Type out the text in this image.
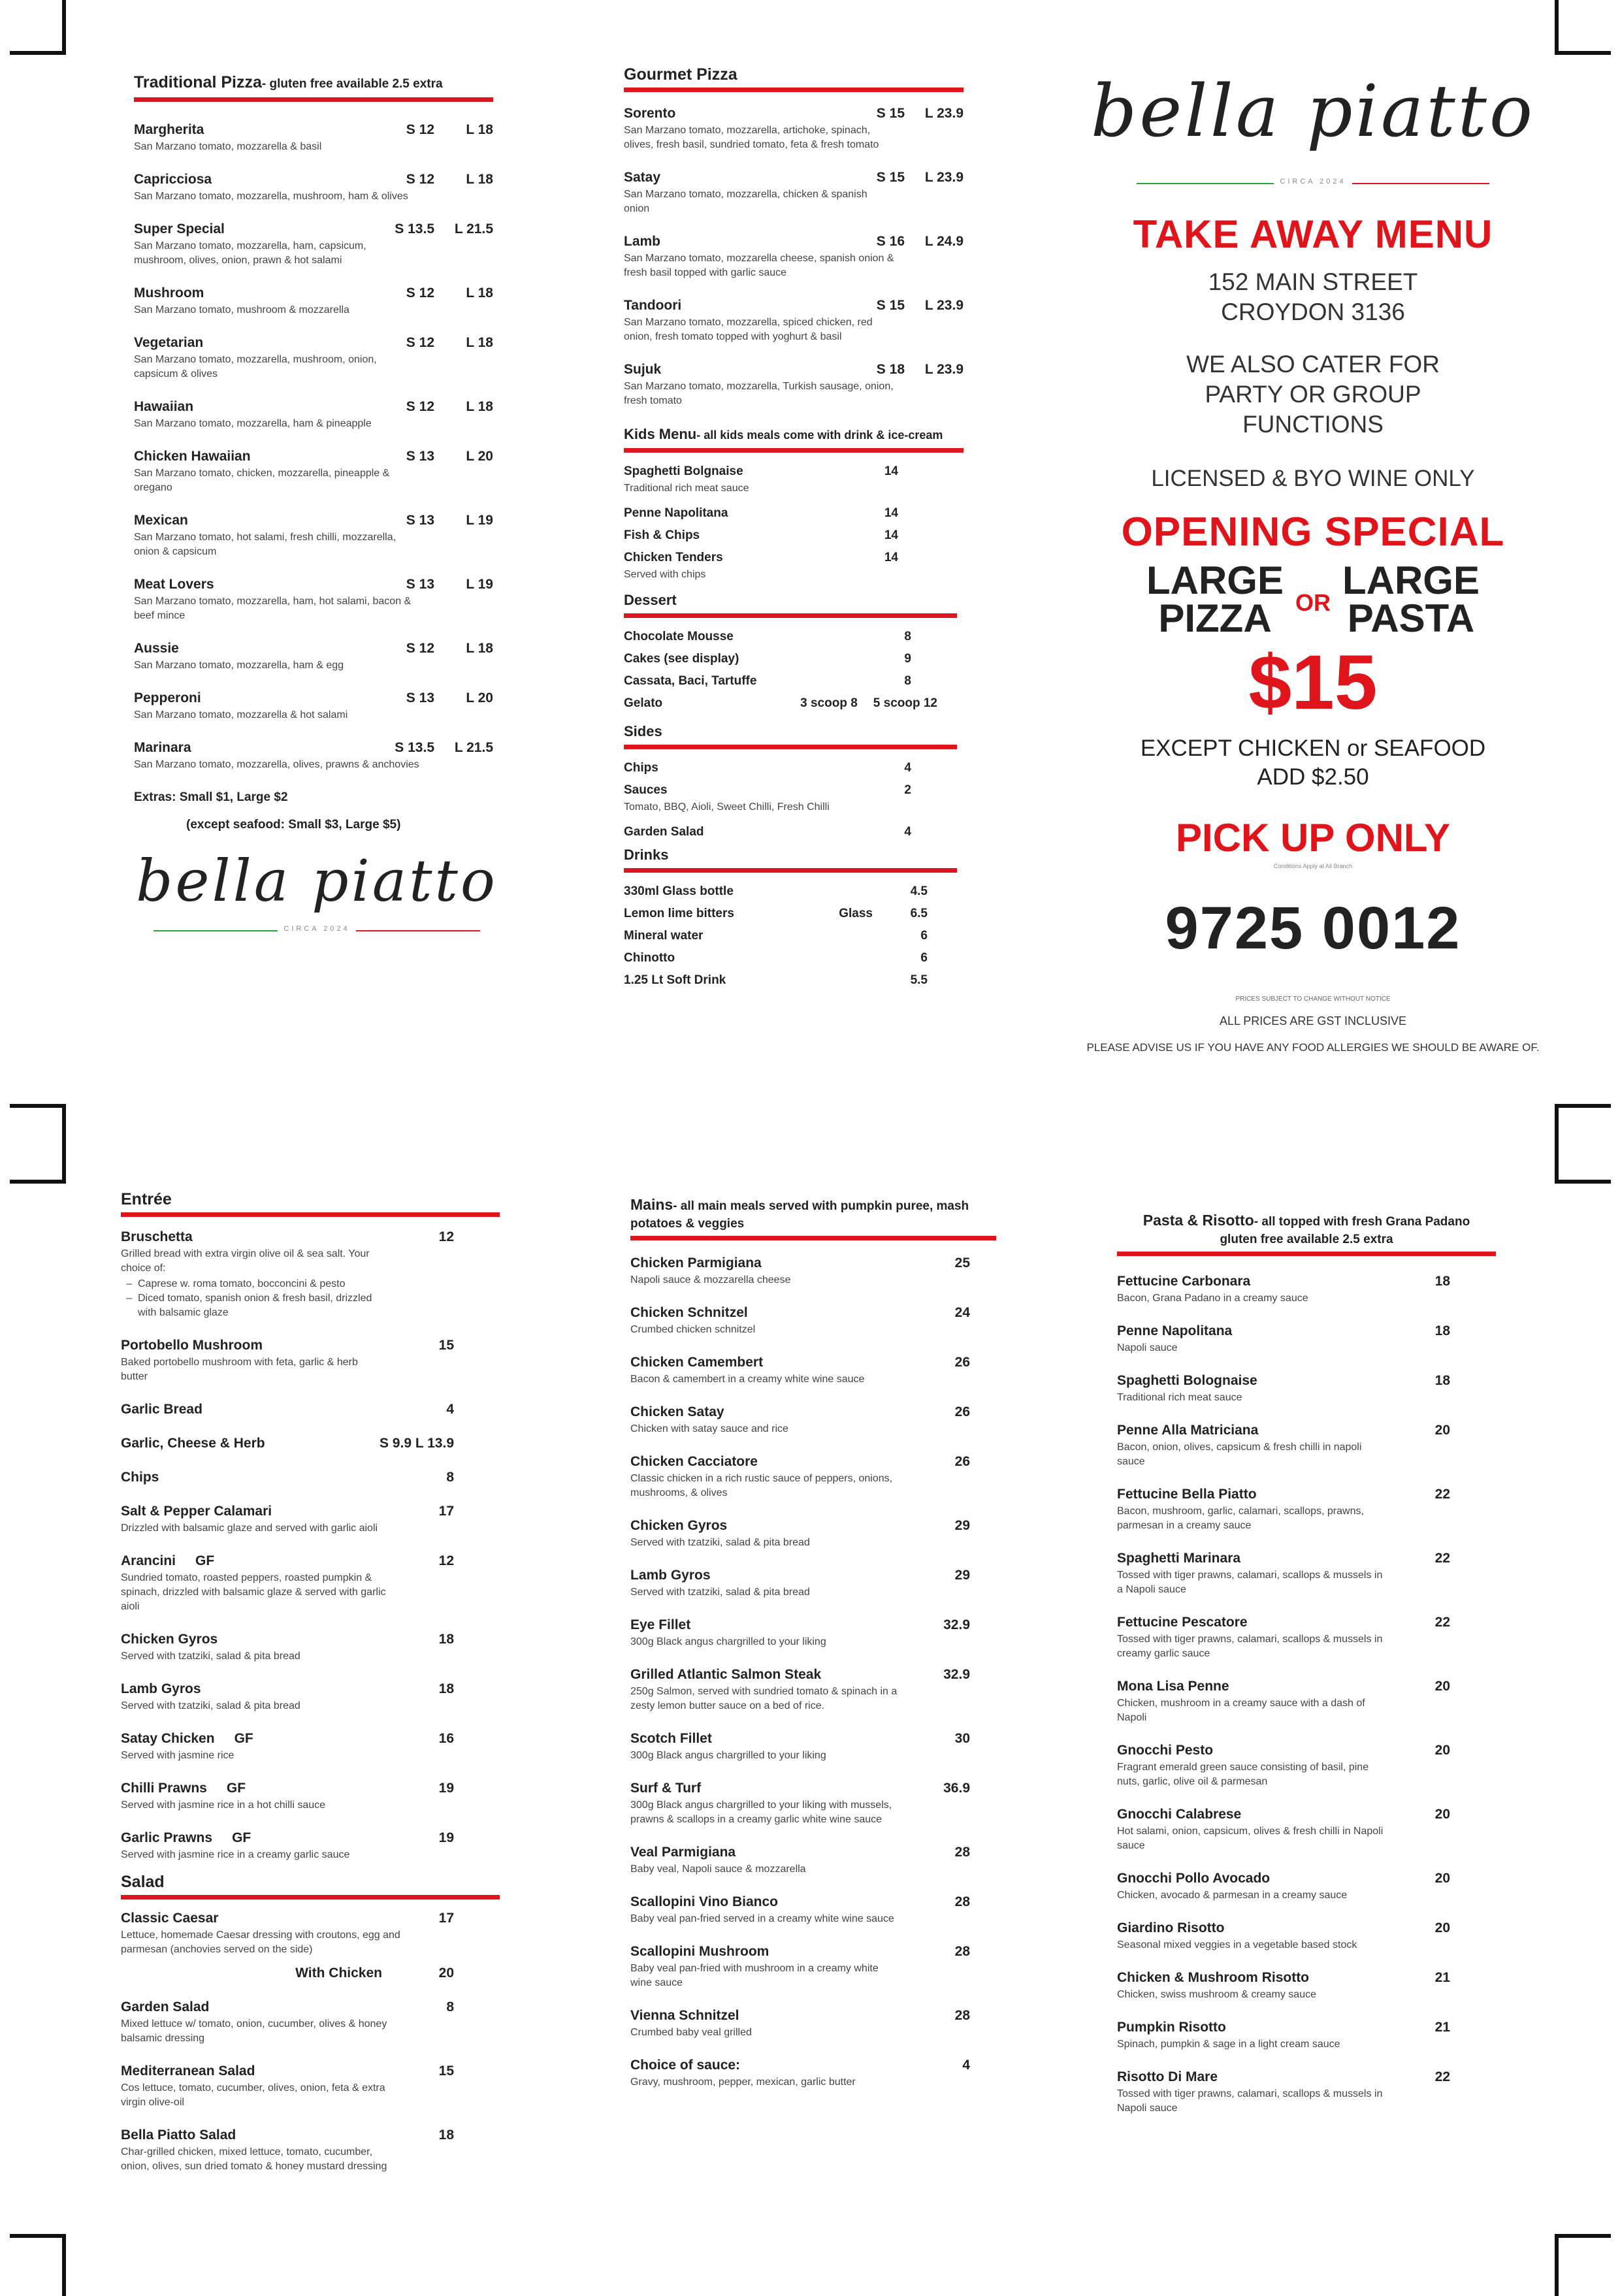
Traditional Pizza- gluten free available 2.5 extra
Margherita	S 12	L 18
San Marzano tomato, mozzarella & basil
Capricciosa	S 12	L 18
San Marzano tomato, mozzarella, mushroom, ham & olives
Super Special	S 13.5	L 21.5
San Marzano tomato, mozzarella, ham, capsicum, mushroom, olives, onion, prawn & hot salami
Mushroom	S 12	L 18
San Marzano tomato, mushroom & mozzarella
Vegetarian	S 12	L 18
San Marzano tomato, mozzarella, mushroom, onion, capsicum & olives
Hawaiian	S 12	L 18
San Marzano tomato, mozzarella, ham & pineapple
Chicken Hawaiian	S 13	L 20
San Marzano tomato, chicken, mozzarella, pineapple & oregano
Mexican	S 13	L 19
San Marzano tomato, hot salami, fresh chilli, mozzarella, onion & capsicum
Meat Lovers	S 13	L 19
San Marzano tomato, mozzarella, ham, hot salami, bacon & beef mince
Aussie	S 12	L 18
San Marzano tomato, mozzarella, ham & egg
Pepperoni	S 13	L 20
San Marzano tomato, mozzarella & hot salami
Marinara	S 13.5	L 21.5
San Marzano tomato, mozzarella, olives, prawns & anchovies
Extras: Small $1, Large $2
(except seafood: Small $3, Large $5)
bella piatto
CIRCA 2024
Gourmet Pizza
Sorento	S 15	L 23.9
San Marzano tomato, mozzarella, artichoke, spinach, olives, fresh basil, sundried tomato, feta & fresh tomato
Satay	S 15	L 23.9
San Marzano tomato, mozzarella, chicken & spanish onion
Lamb	S 16	L 24.9
San Marzano tomato, mozzarella cheese, spanish onion & fresh basil topped with garlic sauce
Tandoori	S 15	L 23.9
San Marzano tomato, mozzarella, spiced chicken, red onion, fresh tomato topped with yoghurt & basil
Sujuk	S 18	L 23.9
San Marzano tomato, mozzarella, Turkish sausage, onion, fresh tomato
Kids Menu- all kids meals come with drink & ice-cream
Spaghetti Bolgnaise	14
Traditional rich meat sauce
Penne Napolitana	14
Fish & Chips	14
Chicken Tenders	14
Served with chips
Dessert
Chocolate Mousse	8
Cakes (see display)	9
Cassata, Baci, Tartuffe	8
Gelato	3 scoop 8 5 scoop 12
Sides
Chips	4
Sauces	2
Tomato, BBQ, Aioli, Sweet Chilli, Fresh Chilli
Garden Salad	4
Drinks
330ml Glass bottle	4.5
Lemon lime bitters	Glass	6.5
Mineral water	6
Chinotto	6
1.25 Lt Soft Drink	5.5
bella piatto
CIRCA 2024
TAKE AWAY MENU
152 MAIN STREET
CROYDON 3136
WE ALSO CATER FOR
PARTY OR GROUP
FUNCTIONS
LICENSED & BYO WINE ONLY
OPENING SPECIAL
LARGE
PIZZA	OR
LARGE
PASTA
$15
EXCEPT CHICKEN or SEAFOOD
ADD $2.50
PICK UP ONLY
Conditions Apply at All Branch
9725 0012
PRICES SUBJECT TO CHANGE WITHOUT NOTICE
ALL PRICES ARE GST INCLUSIVE
PLEASE ADVISE US IF YOU HAVE ANY FOOD ALLERGIES WE SHOULD BE AWARE OF.
Entrée
Bruschetta	12
Grilled bread with extra virgin olive oil & sea salt. Your choice of:
– Caprese w. roma tomato, bocconcini & pesto
– Diced tomato, spanish onion & fresh basil, drizzled with balsamic glaze
Portobello Mushroom	15
Baked portobello mushroom with feta, garlic & herb butter
Garlic Bread	4
Garlic, Cheese & Herb	S 9.9 L 13.9
Chips	8
Salt & Pepper Calamari	17
Drizzled with balsamic glaze and served with garlic aioli
Arancini GF	12
Sundried tomato, roasted peppers, roasted pumpkin & spinach, drizzled with balsamic glaze & served with garlic aioli
Chicken Gyros	18
Served with tzatziki, salad & pita bread
Lamb Gyros	18
Served with tzatziki, salad & pita bread
Satay Chicken GF	16
Served with jasmine rice
Chilli Prawns GF	19
Served with jasmine rice in a hot chilli sauce
Garlic Prawns GF	19
Served with jasmine rice in a creamy garlic sauce
Salad
Classic Caesar	17
Lettuce, homemade Caesar dressing with croutons, egg and parmesan (anchovies served on the side)
With Chicken	20
Garden Salad	8
Mixed lettuce w/ tomato, onion, cucumber, olives & honey balsamic dressing
Mediterranean Salad	15
Cos lettuce, tomato, cucumber, olives, onion, feta & extra virgin olive-oil
Bella Piatto Salad	18
Char-grilled chicken, mixed lettuce, tomato, cucumber, onion, olives, sun dried tomato & honey mustard dressing
Mains- all main meals served with pumpkin puree, mash potatoes & veggies
Chicken Parmigiana	25
Napoli sauce & mozzarella cheese
Chicken Schnitzel	24
Crumbed chicken schnitzel
Chicken Camembert	26
Bacon & camembert in a creamy white wine sauce
Chicken Satay	26
Chicken with satay sauce and rice
Chicken Cacciatore	26
Classic chicken in a rich rustic sauce of peppers, onions, mushrooms, & olives
Chicken Gyros	29
Served with tzatziki, salad & pita bread
Lamb Gyros	29
Served with tzatziki, salad & pita bread
Eye Fillet	32.9
300g Black angus chargrilled to your liking
Grilled Atlantic Salmon Steak	32.9
250g Salmon, served with sundried tomato & spinach in a zesty lemon butter sauce on a bed of rice.
Scotch Fillet	30
300g Black angus chargrilled to your liking
Surf & Turf	36.9
300g Black angus chargrilled to your liking with mussels, prawns & scallops in a creamy garlic white wine sauce
Veal Parmigiana	28
Baby veal, Napoli sauce & mozzarella
Scallopini Vino Bianco	28
Baby veal pan-fried served in a creamy white wine sauce
Scallopini Mushroom	28
Baby veal pan-fried with mushroom in a creamy white wine sauce
Vienna Schnitzel	28
Crumbed baby veal grilled
Choice of sauce:	4
Gravy, mushroom, pepper, mexican, garlic butter
Pasta & Risotto- all topped with fresh Grana Padano
gluten free available 2.5 extra
Fettucine Carbonara	18
Bacon, Grana Padano in a creamy sauce
Penne Napolitana	18
Napoli sauce
Spaghetti Bolognaise	18
Traditional rich meat sauce
Penne Alla Matriciana	20
Bacon, onion, olives, capsicum & fresh chilli in napoli sauce
Fettucine Bella Piatto	22
Bacon, mushroom, garlic, calamari, scallops, prawns, parmesan in a creamy sauce
Spaghetti Marinara	22
Tossed with tiger prawns, calamari, scallops & mussels in a Napoli sauce
Fettucine Pescatore	22
Tossed with tiger prawns, calamari, scallops & mussels in creamy garlic sauce
Mona Lisa Penne	20
Chicken, mushroom in a creamy sauce with a dash of Napoli
Gnocchi Pesto	20
Fragrant emerald green sauce consisting of basil, pine nuts, garlic, olive oil & parmesan
Gnocchi Calabrese	20
Hot salami, onion, capsicum, olives & fresh chilli in Napoli sauce
Gnocchi Pollo Avocado	20
Chicken, avocado & parmesan in a creamy sauce
Giardino Risotto	20
Seasonal mixed veggies in a vegetable based stock
Chicken & Mushroom Risotto	21
Chicken, swiss mushroom & creamy sauce
Pumpkin Risotto	21
Spinach, pumpkin & sage in a light cream sauce
Risotto Di Mare	22
Tossed with tiger prawns, calamari, scallops & mussels in Napoli sauce
